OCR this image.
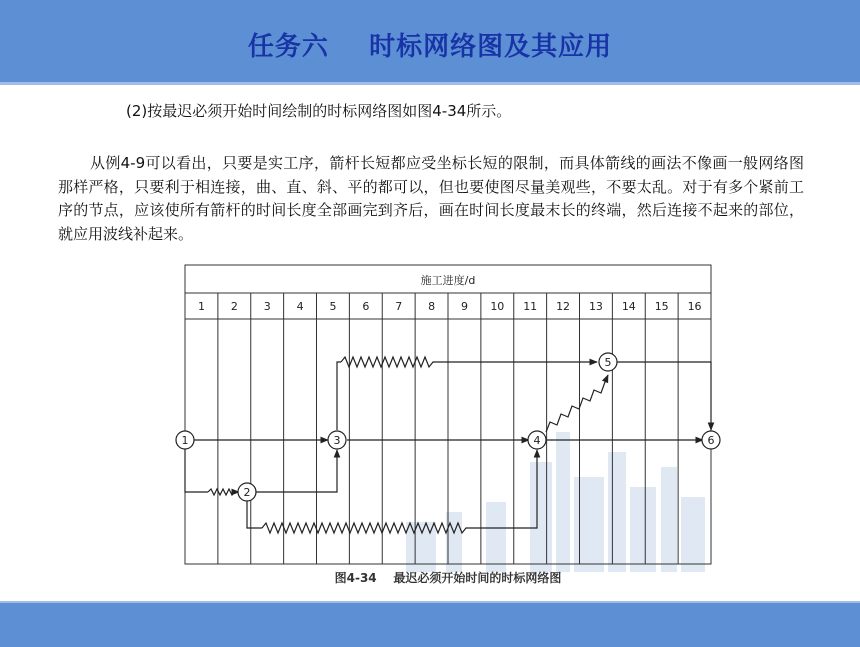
任务六    时标网络图及其应用
(2)按最迟必须开始时间绘制的时标网络图如图4-34所示。
从例4-9可以看出，只要是实工序，箭杆长短都应受坐标长短的限制，而具体箭线的画法不像画一般网络图那样严格，只要利于相连接，曲、直、斜、平的都可以，但也要使图尽量美观些，不要太乱。对于有多个紧前工序的节点，应该使所有箭杆的时间长度全部画完到齐后，画在时间长度最末长的终端，然后连接不起来的部位，就应用波线补起来。
施工进度/d
1 2 3 4 5 6 7 8 9 10 11 12 13 14 15 16
1
2
3	4
5
6
图4-34    最迟必须开始时间的时标网络图
